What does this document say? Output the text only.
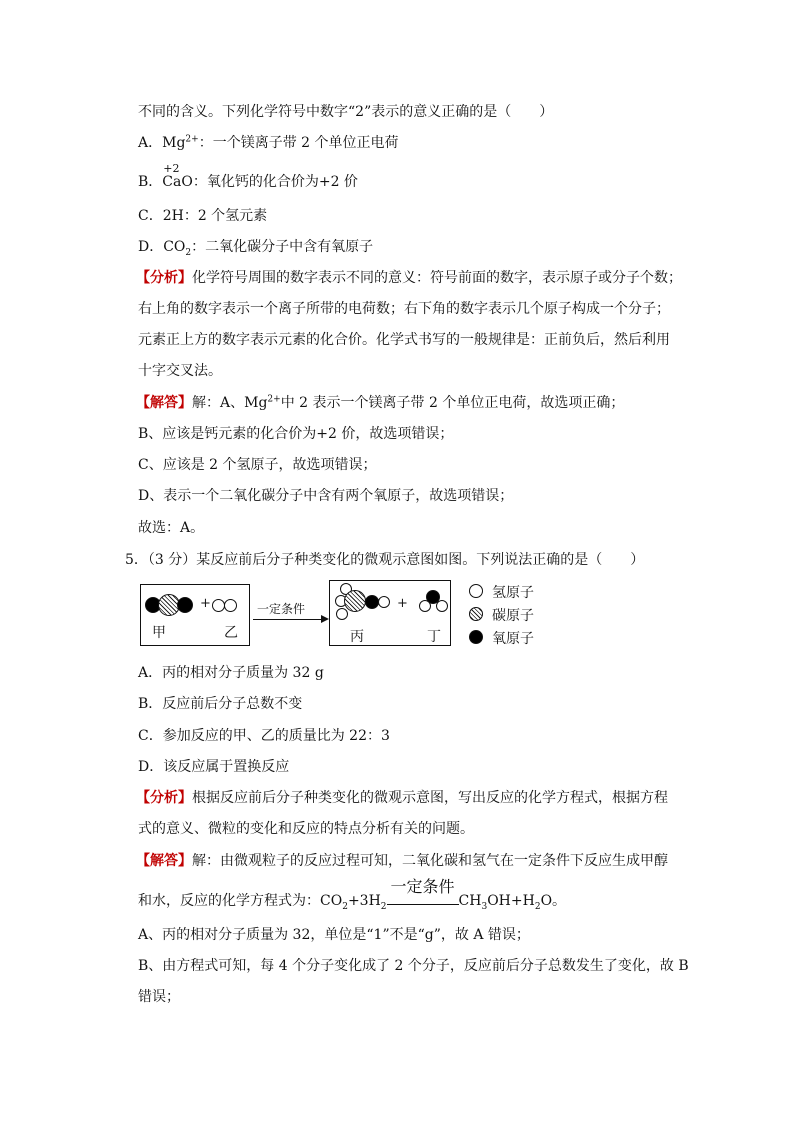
不同的含义。下列化学符号中数字“2”表示的意义正确的是（　　）
A．$Mg^{2+}$：一个镁离子带 2 个单位正电荷
B．
+2
CaO：氧化钙的化合价为+2 价
C．2H：2 个氢元素
D．$CO_2$：二氧化碳分子中含有氧原子
【分析】化学符号周围的数字表示不同的意义：符号前面的数字，表示原子或分子个数；
右上角的数字表示一个离子所带的电荷数；右下角的数字表示几个原子构成一个分子；
元素正上方的数字表示元素的化合价。化学式书写的一般规律是：正前负后，然后利用
十字交叉法。
【解答】解：A、$Mg^{2+}$中 2 表示一个镁离子带 2 个单位正电荷，故选项正确；
B、应该是钙元素的化合价为+2 价，故选项错误；
C、应该是 2 个氢原子，故选项错误；
D、表示一个二氧化碳分子中含有两个氧原子，故选项错误；
故选：A。
5．（3 分）某反应前后分子种类变化的微观示意图如图。下列说法正确的是（　　）
+
甲	乙
一定条件	+
丙	丁
氢原子
碳原子
氧原子
A．丙的相对分子质量为 32 g
B．反应前后分子总数不变
C．参加反应的甲、乙的质量比为 22：3
D．该反应属于置换反应
【分析】根据反应前后分子种类变化的微观示意图，写出反应的化学方程式，根据方程
式的意义、微粒的变化和反应的特点分析有关的问题。
【解答】解：由微观粒子的反应过程可知，二氧化碳和氢气在一定条件下反应生成甲醇
和水，反应的化学方程式为：$CO_2+3H_2$
一定条件
$CH_3OH+H_2O$。
A、丙的相对分子质量为 32，单位是“1”不是“g”，故 A 错误；
B、由方程式可知，每 4 个分子变化成了 2 个分子，反应前后分子总数发生了变化，故 B
错误；
